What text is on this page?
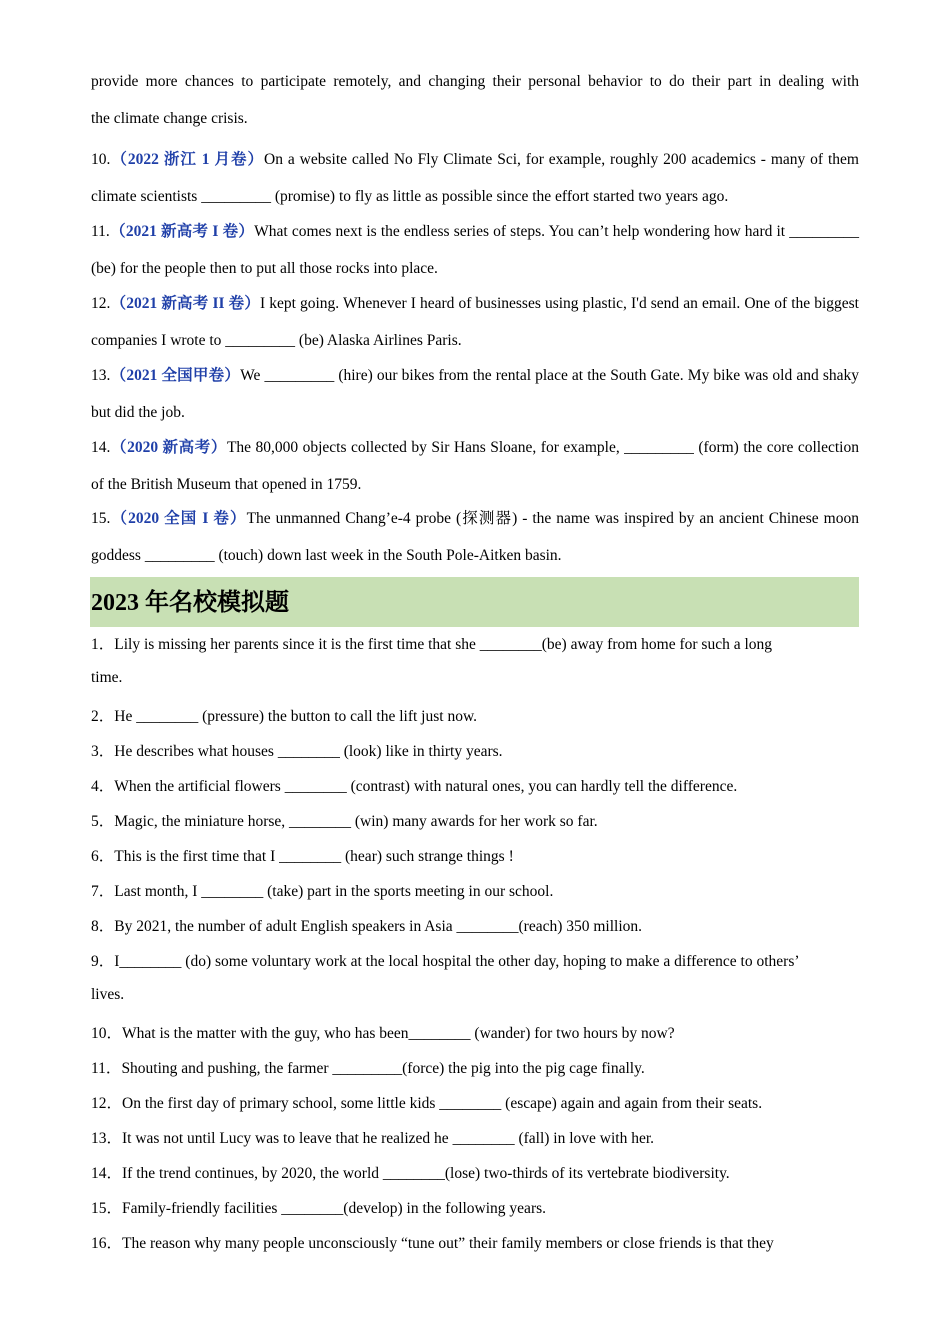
provide more chances to participate remotely, and changing their personal behavior to do their part in dealing with
the climate change crisis.
10.（2022 浙江 1 月卷）On a website called No Fly Climate Sci, for example, roughly 200 academics - many of them climate scientists _________ (promise) to fly as little as possible since the effort started two years ago.
11.（2021 新高考 I 卷）What comes next is the endless series of steps. You can’t help wondering how hard it _________ (be) for the people then to put all those rocks into place.
12.（2021 新高考 II 卷）I kept going. Whenever I heard of businesses using plastic, I'd send an email. One of the biggest companies I wrote to _________ (be) Alaska Airlines Paris.
13.（2021 全国甲卷）We _________ (hire) our bikes from the rental place at the South Gate. My bike was old and shaky but did the job.
14.（2020 新高考）The 80,000 objects collected by Sir Hans Sloane, for example, _________ (form) the core collection of the British Museum that opened in 1759.
15.（2020 全国 I 卷）The unmanned Chang’e-4 probe (探测器) - the name was inspired by an ancient Chinese moon goddess _________ (touch) down last week in the South Pole-Aitken basin.
2023 年名校模拟题
1．Lily is missing her parents since it is the first time that she ________(be) away from home for such a long
time.
2．He ________ (pressure) the button to call the lift just now.
3．He describes what houses ________ (look) like in thirty years.
4．When the artificial flowers ________ (contrast) with natural ones, you can hardly tell the difference.
5．Magic, the miniature horse, ________ (win) many awards for her work so far.
6．This is the first time that I ________ (hear) such strange things !
7．Last month, I ________ (take) part in the sports meeting in our school.
8．By 2021, the number of adult English speakers in Asia ________(reach) 350 million.
9．I________ (do) some voluntary work at the local hospital the other day, hoping to make a difference to others’
lives.
10．What is the matter with the guy, who has been________ (wander) for two hours by now?
11．Shouting and pushing, the farmer _________(force) the pig into the pig cage finally.
12．On the first day of primary school, some little kids ________ (escape) again and again from their seats.
13．It was not until Lucy was to leave that he realized he ________ (fall) in love with her.
14．If the trend continues, by 2020, the world ________(lose) two-thirds of its vertebrate biodiversity.
15．Family-friendly facilities ________(develop) in the following years.
16．The reason why many people unconsciously “tune out” their family members or close friends is that they
